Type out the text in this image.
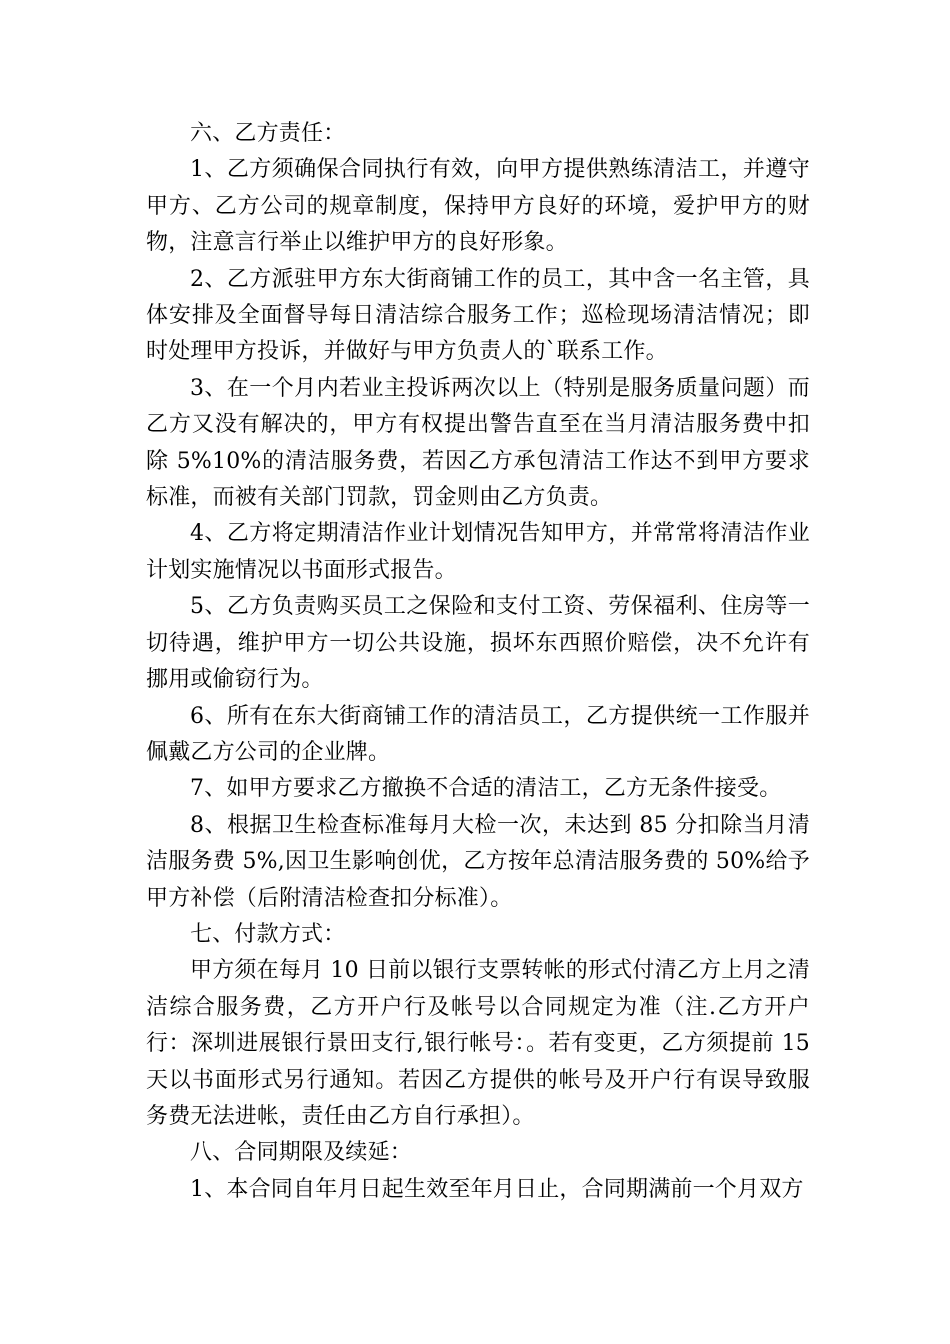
六、乙方责任：

1、乙方须确保合同执行有效，向甲方提供熟练清洁工，并遵守甲方、乙方公司的规章制度，保持甲方良好的环境，爱护甲方的财物，注意言行举止以维护甲方的良好形象。

2、乙方派驻甲方东大街商铺工作的员工，其中含一名主管，具体安排及全面督导每日清洁综合服务工作；巡检现场清洁情况；即时处理甲方投诉，并做好与甲方负责人的`联系工作。

3、在一个月内若业主投诉两次以上（特别是服务质量问题）而乙方又没有解决的，甲方有权提出警告直至在当月清洁服务费中扣除 5%10%的清洁服务费，若因乙方承包清洁工作达不到甲方要求标准，而被有关部门罚款，罚金则由乙方负责。

4、乙方将定期清洁作业计划情况告知甲方，并常常将清洁作业计划实施情况以书面形式报告。

5、乙方负责购买员工之保险和支付工资、劳保福利、住房等一切待遇，维护甲方一切公共设施，损坏东西照价赔偿，决不允许有挪用或偷窃行为。

6、所有在东大街商铺工作的清洁员工，乙方提供统一工作服并佩戴乙方公司的企业牌。

7、如甲方要求乙方撤换不合适的清洁工，乙方无条件接受。

8、根据卫生检查标准每月大检一次，未达到 85 分扣除当月清洁服务费 5%,因卫生影响创优，乙方按年总清洁服务费的 50%给予甲方补偿（后附清洁检查扣分标准）。

七、付款方式：

甲方须在每月 10 日前以银行支票转帐的形式付清乙方上月之清洁综合服务费，乙方开户行及帐号以合同规定为准（注.乙方开户行：深圳进展银行景田支行,银行帐号：。若有变更，乙方须提前 15 天以书面形式另行通知。若因乙方提供的帐号及开户行有误导致服务费无法进帐，责任由乙方自行承担）。

八、合同期限及续延：

1、本合同自年月日起生效至年月日止，合同期满前一个月双方
